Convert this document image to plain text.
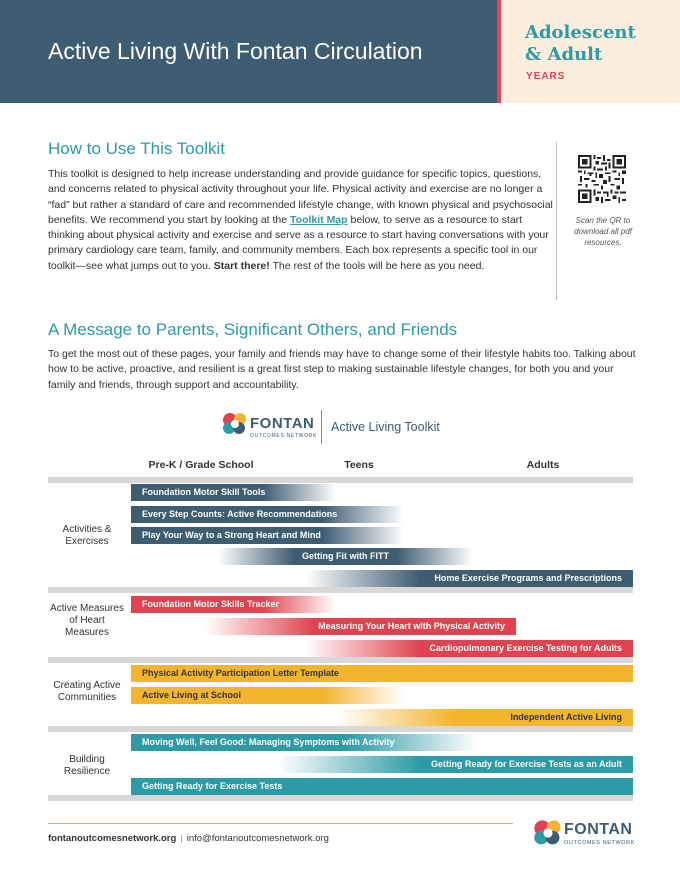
Active Living With Fontan Circulation
Adolescent
& Adult
YEARS
How to Use This Toolkit
This toolkit is designed to help increase understanding and provide guidance for specific topics, questions, and concerns related to physical activity throughout your life. Physical activity and exercise are no longer a “fad” but rather a standard of care and recommended lifestyle change, with known physical and psychosocial benefits. We recommend you start by looking at the Toolkit Map below, to serve as a resource to start thinking about physical activity and exercise and serve as a resource to start having conversations with your primary cardiology care team, family, and community members. Each box represents a specific tool in our toolkit—see what jumps out to you. Start there! The rest of the tools will be here as you need.
Scan the QR to download all pdf resources.
A Message to Parents, Significant Others, and Friends
To get the most out of these pages, your family and friends may have to change some of their lifestyle habits too. Talking about how to be active, proactive, and resilient is a great first step to making sustainable lifestyle changes, for both you and your family and friends, through support and accountability.
FONTAN
OUTCOMES NETWORK
Active Living Toolkit
Pre-K / Grade School	Teens	Adults
Activities & Exercises
Active Measures of Heart Measures
Creating Active Communities
Building Resilience
Foundation Motor Skill Tools
Every Step Counts: Active Recommendations
Play Your Way to a Strong Heart and Mind
Getting Fit with FITT
Home Exercise Programs and Prescriptions
Foundation Motor Skills Tracker
Measuring Your Heart with Physical Activity
Cardiopulmonary Exercise Testing for Adults
Physical Activity Participation Letter Template
Active Living at School
Independent Active Living
Moving Well, Feel Good: Managing Symptoms with Activity
Getting Ready for Exercise Tests as an Adult
Getting Ready for Exercise Tests
fontanoutcomesnetwork.org | info@fontanoutcomesnetwork.org
FONTAN
OUTCOMES NETWORK
